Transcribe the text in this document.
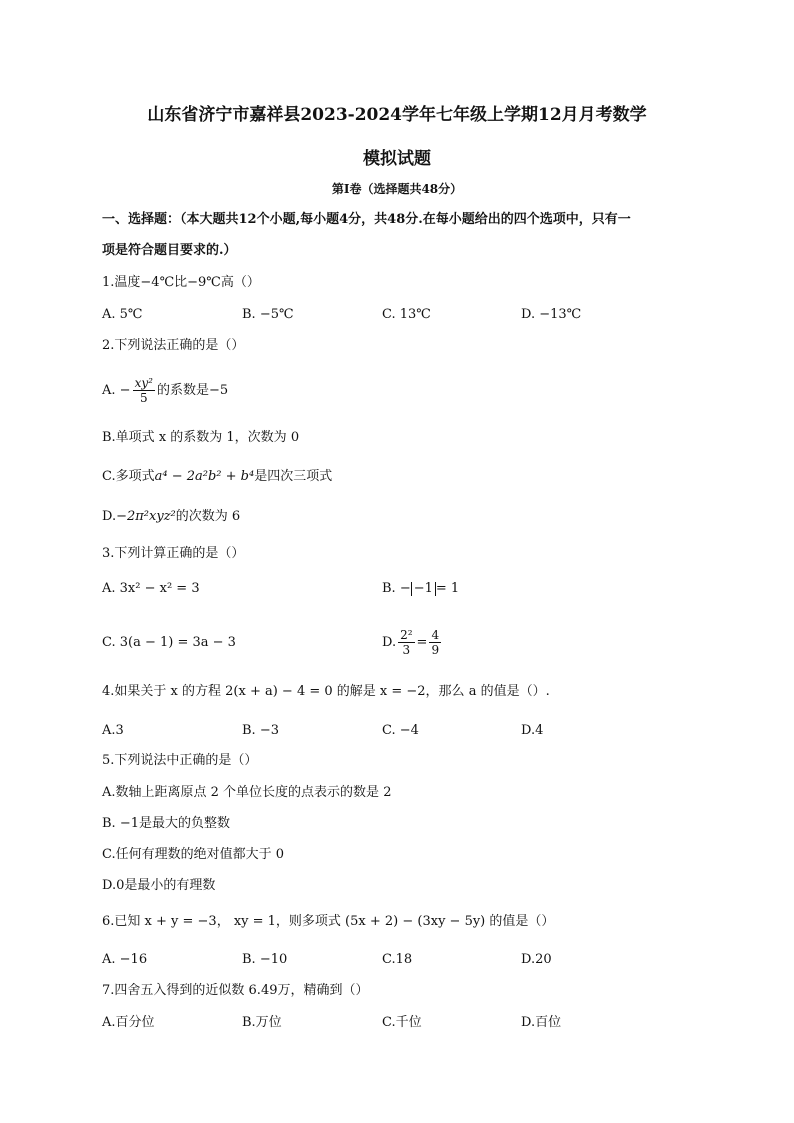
山东省济宁市嘉祥县2023-2024学年七年级上学期12月月考数学
模拟试题
第I卷（选择题共48分）
一、选择题：（本大题共12个小题,每小题4分，共48分.在每小题给出的四个选项中，只有一
项是符合题目要求的.）
1.温度−4℃比−9℃高（）
A. 5℃	B. −5℃	C. 13℃	D. −13℃
2.下列说法正确的是（）
A. − $\frac{\text{xy²}}{5}$ 的系数是−5
B.单项式 x 的系数为 1，次数为 0
C.多项式a⁴ − 2a²b² + b⁴是四次三项式
D.−2π²xyz²的次数为 6
3.下列计算正确的是（）
A. 3x² − x² = 3	B. − −1 = 1
C. 3(a − 1) = 3a − 3	D. $\frac{\text{2²}}{3} = \frac{4}{9}$
4.如果关于 x 的方程 2(x + a) − 4 = 0 的解是 x = −2，那么 a 的值是（）.
A.3	B. −3	C. −4	D.4
5.下列说法中正确的是（）
A.数轴上距离原点 2 个单位长度的点表示的数是 2
B. −1是最大的负整数
C.任何有理数的绝对值都大于 0
D.0是最小的有理数
6.已知 x + y = −3， xy = 1，则多项式 (5x + 2) − (3xy − 5y) 的值是（）
A. −16	B. −10	C.18	D.20
7.四舍五入得到的近似数 6.49万，精确到（）
A.百分位	B.万位	C.千位	D.百位
